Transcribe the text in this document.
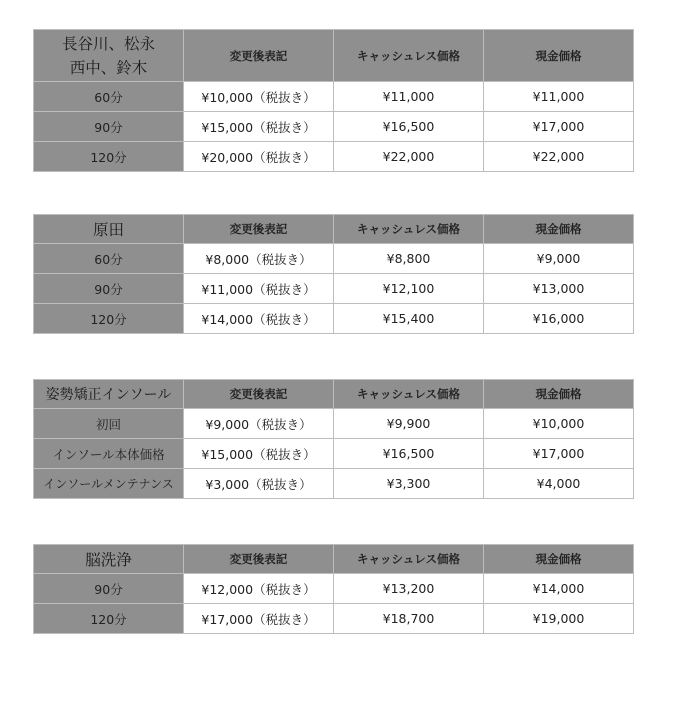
長谷川、松永
西中、鈴木	変更後表記	キャッシュレス価格	現金価格
60分	¥10,000（税抜き）	¥11,000	¥11,000
90分	¥15,000（税抜き）	¥16,500	¥17,000
120分	¥20,000（税抜き）	¥22,000	¥22,000
原田	変更後表記	キャッシュレス価格	現金価格
60分	¥8,000（税抜き）	¥8,800	¥9,000
90分	¥11,000（税抜き）	¥12,100	¥13,000
120分	¥14,000（税抜き）	¥15,400	¥16,000
姿勢矯正インソール	変更後表記	キャッシュレス価格	現金価格
初回	¥9,000（税抜き）	¥9,900	¥10,000
インソール本体価格	¥15,000（税抜き）	¥16,500	¥17,000
インソールメンテナンス	¥3,000（税抜き）	¥3,300	¥4,000
脳洗浄	変更後表記	キャッシュレス価格	現金価格
90分	¥12,000（税抜き）	¥13,200	¥14,000
120分	¥17,000（税抜き）	¥18,700	¥19,000
